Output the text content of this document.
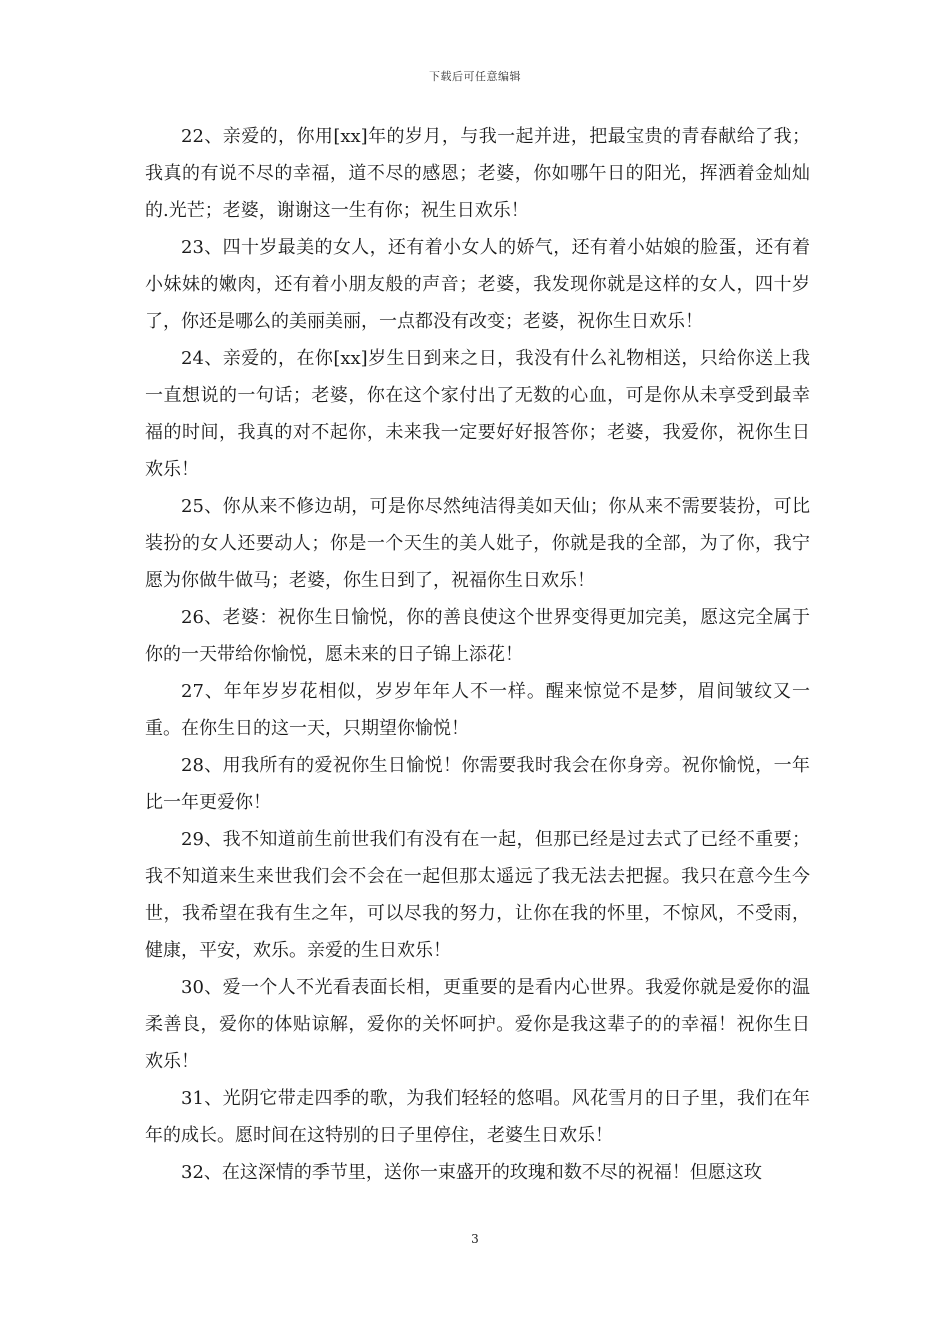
下载后可任意编辑

22、亲爱的，你用[xx]年的岁月，与我一起并进，把最宝贵的青春献给了我；我真的有说不尽的幸福，道不尽的感恩；老婆，你如哪午日的阳光，挥洒着金灿灿的.光芒；老婆，谢谢这一生有你；祝生日欢乐！

23、四十岁最美的女人，还有着小女人的娇气，还有着小姑娘的脸蛋，还有着小妹妹的嫩肉，还有着小朋友般的声音；老婆，我发现你就是这样的女人，四十岁了，你还是哪么的美丽美丽，一点都没有改变；老婆，祝你生日欢乐！

24、亲爱的，在你[xx]岁生日到来之日，我没有什么礼物相送，只给你送上我一直想说的一句话；老婆，你在这个家付出了无数的心血，可是你从未享受到最幸福的时间，我真的对不起你，未来我一定要好好报答你；老婆，我爱你，祝你生日欢乐！

25、你从来不修边胡，可是你尽然纯洁得美如天仙；你从来不需要装扮，可比装扮的女人还要动人；你是一个天生的美人妣子，你就是我的全部，为了你，我宁愿为你做牛做马；老婆，你生日到了，祝福你生日欢乐！

26、老婆：祝你生日愉悦，你的善良使这个世界变得更加完美，愿这完全属于你的一天带给你愉悦，愿未来的日子锦上添花！

27、年年岁岁花相似，岁岁年年人不一样。醒来惊觉不是梦，眉间皱纹又一重。在你生日的这一天，只期望你愉悦！

28、用我所有的爱祝你生日愉悦！你需要我时我会在你身旁。祝你愉悦，一年比一年更爱你！

29、我不知道前生前世我们有没有在一起，但那已经是过去式了已经不重要；我不知道来生来世我们会不会在一起但那太遥远了我无法去把握。我只在意今生今世，我希望在我有生之年，可以尽我的努力，让你在我的怀里，不惊风，不受雨，健康，平安，欢乐。亲爱的生日欢乐！

30、爱一个人不光看表面长相，更重要的是看内心世界。我爱你就是爱你的温柔善良，爱你的体贴谅解，爱你的关怀呵护。爱你是我这辈子的的幸福！祝你生日欢乐！

31、光阴它带走四季的歌，为我们轻轻的悠唱。风花雪月的日子里，我们在年年的成长。愿时间在这特别的日子里停住，老婆生日欢乐！

32、在这深情的季节里，送你一束盛开的玫瑰和数不尽的祝福！但愿这玫

3
